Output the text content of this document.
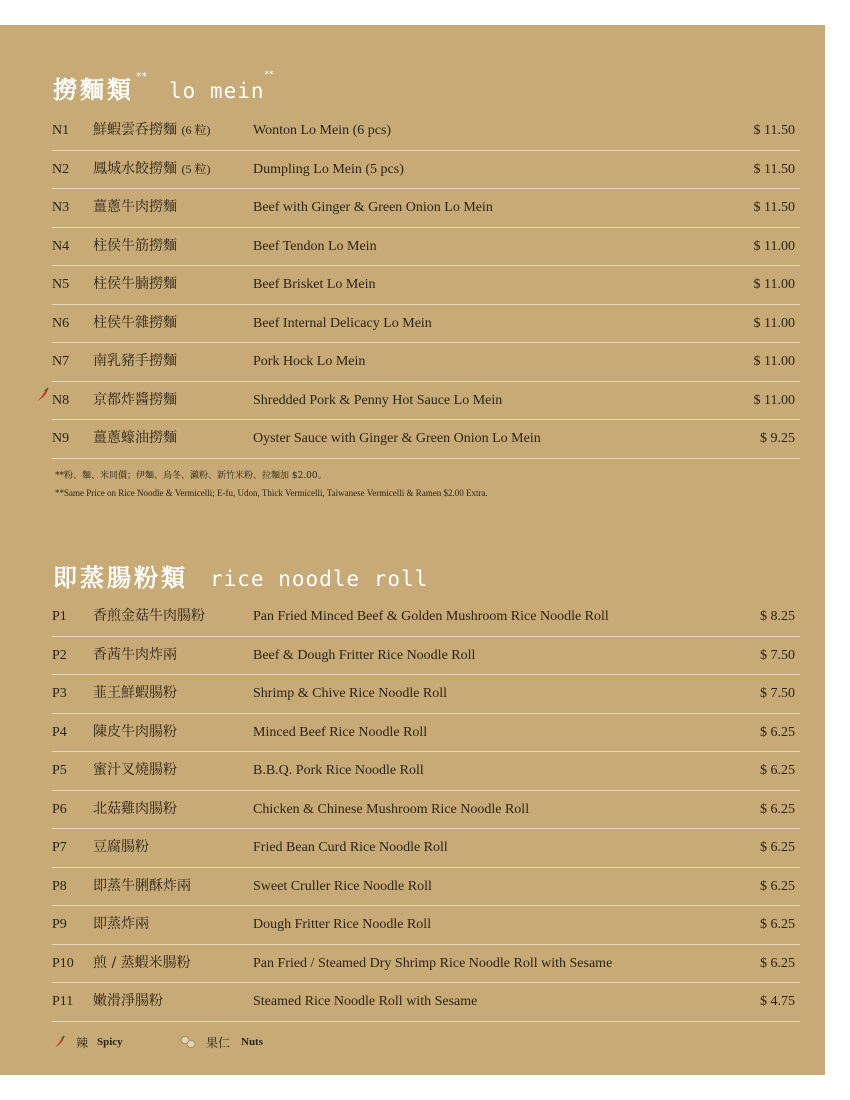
撈麵類 **lo mein**
N1 鮮蝦雲呑撈麵 (6 粒)	Wonton Lo Mein (6 pcs)	$ 11.50
N2 鳳城水餃撈麵 (5 粒)	Dumpling Lo Mein (5 pcs)	$ 11.50
N3 薑蔥牛肉撈麵	Beef with Ginger & Green Onion Lo Mein	$ 11.50
N4 柱侯牛筋撈麵	Beef Tendon Lo Mein	$ 11.00
N5 柱侯牛腩撈麵	Beef Brisket Lo Mein	$ 11.00
N6 柱侯牛雜撈麵	Beef Internal Delicacy Lo Mein	$ 11.00
N7 南乳豬手撈麵	Pork Hock Lo Mein	$ 11.00
N8 京都炸醬撈麵	Shredded Pork & Penny Hot Sauce Lo Mein	$ 11.00
N9 薑蔥蠔油撈麵	Oyster Sauce with Ginger & Green Onion Lo Mein	$ 9.25
**粉、麵、米同價；伊麵、烏冬、瀨粉、新竹米粉、拉麵加 $2.00。
**Same Price on Rice Noodle & Vermicelli; E-fu, Udon, Thick Vermicelli, Taiwanese Vermicelli & Ramen $2.00 Extra.
即蒸腸粉類 rice noodle roll
P1 香煎金菇牛肉腸粉	Pan Fried Minced Beef & Golden Mushroom Rice Noodle Roll	$ 8.25
P2 香茜牛肉炸兩	Beef & Dough Fritter Rice Noodle Roll	$ 7.50
P3 韮王鮮蝦腸粉	Shrimp & Chive Rice Noodle Roll	$ 7.50
P4 陳皮牛肉腸粉	Minced Beef Rice Noodle Roll	$ 6.25
P5 蜜汁叉燒腸粉	B.B.Q. Pork Rice Noodle Roll	$ 6.25
P6 北菇雞肉腸粉	Chicken & Chinese Mushroom Rice Noodle Roll	$ 6.25
P7 豆腐腸粉	Fried Bean Curd Rice Noodle Roll	$ 6.25
P8 即蒸牛脷酥炸兩	Sweet Cruller Rice Noodle Roll	$ 6.25
P9 即蒸炸兩	Dough Fritter Rice Noodle Roll	$ 6.25
P10 煎 / 蒸蝦米腸粉	Pan Fried / Steamed Dry Shrimp Rice Noodle Roll with Sesame	$ 6.25
P11 嫩滑淨腸粉	Steamed Rice Noodle Roll with Sesame	$ 4.75
辣 Spicy	果仁 Nuts
